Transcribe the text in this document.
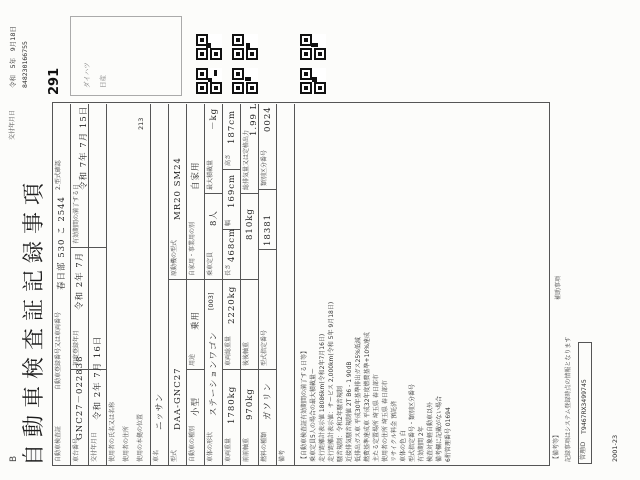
B 自動車検査証記録事項
交付年月日
令和　5年　9月18日 848230166755 291
自動車検査証
自動車登録番号又は車両番号
春日部 530 こ 2544
2.型式確認
車台番号
GNC27－022838
初度登録年月
令和 2年 7月
有効期間の満了する日
令和 7年 7月 15日
交付年月日
令和 2年 7月 16日
使用者の氏名又は名称 使用者の住所 使用の本拠の位置
213
車名
ニッサン
型式
DAA-GNC27
原動機の型式
MR20 SM24
自動車の種別
小型
用途
乗用
自家用・事業用の別
自家用
車体の形状
ステーションワゴン
[003]
乗車定員
8人
最大積載量
－kg
車両重量
1780kg
車両総重量
2220kg
長さ
468cm
幅
169cm
高さ
187cm
前前軸重
970kg
後後軸重
810kg
総排気量又は定格出力
1.99 L
燃料の種類
ガソリン
型式指定番号
18381
類別区分番号
0024
備考	【自動車検査証有効期間の満了する日等】 乗車定員5人の場合の最大積載量ー 走行距離計表示値 18086km(令和2年7月16日) 走行距離計表示値：サービス 2,000km(令和 5年 9月18日) 騒音規制：令和2年騒音規制 近接排気騒音規制値 2T B6 - 1 90dB 低排出ガス車 平成30年基準排出ガス25%低減 燃費基準達成車 平成32年度燃費基準+10%達成 主たる定置場所 埼玉県 春日部市 使用者の住所 埼玉県 春日部市 リサイクル料金 預託済 車体の色 白 型式指定番号・類別区分番号 有効期間 2年 検査対象軽自動車以外 備考欄に記載がない場合 6桁管理番号 01694
ダイハツ 日産
【備考等】 記録事項はシステム登録時点の情報となります 管理ID
T9467RX3499745
補助事項
2001-23
